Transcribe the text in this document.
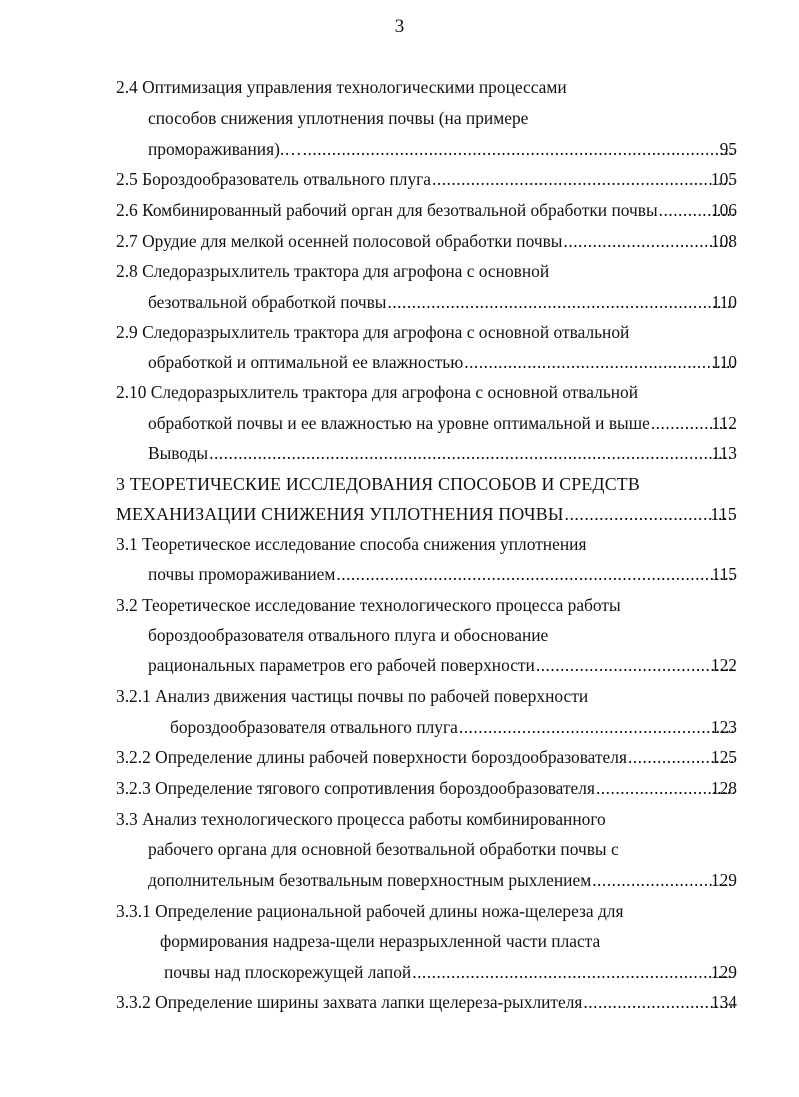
3
2.4 Оптимизация управления технологическими процессами
способов снижения уплотнения почвы (на примере
промораживания).… .....	95
2.5 Бороздообразователь отвального плуга .....	105
2.6 Комбинированный рабочий орган для безотвальной обработки почвы .....	106
2.7 Орудие для мелкой осенней полосовой обработки почвы .....	108
2.8 Следоразрыхлитель трактора для агрофона с основной
безотвальной обработкой почвы .....	110
2.9 Следоразрыхлитель трактора для агрофона с основной отвальной
обработкой и оптимальной ее влажностью .....	110
2.10 Следоразрыхлитель трактора для агрофона с основной отвальной
обработкой почвы и ее влажностью на уровне оптимальной и выше .....	112
Выводы .....	113
3 ТЕОРЕТИЧЕСКИЕ ИССЛЕДОВАНИЯ СПОСОБОВ И СРЕДСТВ
МЕХАНИЗАЦИИ СНИЖЕНИЯ УПЛОТНЕНИЯ ПОЧВЫ .....	115
3.1 Теоретическое исследование способа снижения уплотнения
почвы промораживанием .....	115
3.2 Теоретическое исследование технологического процесса работы
бороздообразователя отвального плуга и обоснование
рациональных параметров его рабочей поверхности .....	122
3.2.1 Анализ движения частицы почвы по рабочей поверхности
бороздообразователя отвального плуга .....	123
3.2.2 Определение длины рабочей поверхности бороздообразователя .....	125
3.2.3 Определение тягового сопротивления бороздообразователя .....	128
3.3 Анализ технологического процесса работы комбинированного
рабочего органа для основной безотвальной обработки почвы с
дополнительным безотвальным поверхностным рыхлением .....	129
3.3.1 Определение рациональной рабочей длины ножа-щелереза для
формирования надреза-щели неразрыхленной части пласта
почвы над плоскорежущей лапой .....	129
3.3.2 Определение ширины захвата лапки щелереза-рыхлителя .....	134
